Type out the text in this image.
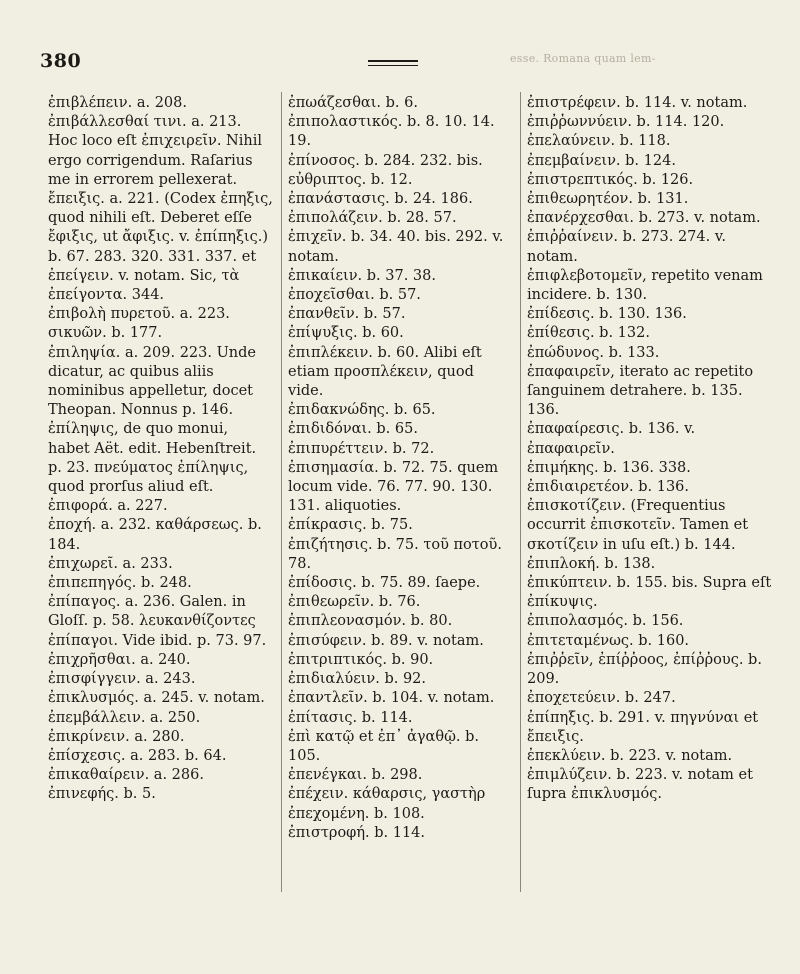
380	esse. Romana quam lem-

ἐπιβλέπειν. a. 208.

ἐπιβάλλεσθαί τινι. a. 213. Hoc loco eſt ἐπιχειρεῖν. Nihil ergo corrigendum. Raſarius me in errorem pellexerat.

ἔπειξις. a. 221. (Codex ἐπηξις, quod nihili eſt. Deberet eſſe ἔφιξις, ut ἄφιξις. v. ἐπίπηξις.) b. 67. 283. 320. 331. 337. et ἐπείγειν. v. notam. Sic, τὰ ἐπείγοντα. 344.

ἐπιβολὴ πυρετοῦ. a. 223. σικυῶν. b. 177.

ἐπιληψία. a. 209. 223. Unde dicatur, ac quibus aliis nominibus appelletur, docet Theopan. Nonnus p. 146. ἐπίληψις, de quo monui, habet Aët. edit. Hebenſtreit. p. 23. πνεύματος ἐπίληψις, quod prorſus aliud eſt.

ἐπιφορά. a. 227.

ἐποχή. a. 232. καθάρσεως. b. 184.

ἐπιχωρεῖ. a. 233.

ἐπιπεπηγός. b. 248.

ἐπίπαγος. a. 236. Galen. in Gloſſ. p. 58. λευκανθίζοντες ἐπίπαγοι. Vide ibid. p. 73. 97.

ἐπιχρῆσθαι. a. 240.

ἐπισφίγγειν. a. 243.

ἐπικλυσμός. a. 245. v. notam.

ἐπεμβάλλειν. a. 250.

ἐπικρίνειν. a. 280.

ἐπίσχεσις. a. 283. b. 64.

ἐπικαθαίρειν. a. 286.

ἐπινεφής. b. 5.

ἐπωάζεσθαι. b. 6.

ἐπιπολαστικός. b. 8. 10. 14. 19.

ἐπίνοσος. b. 284. 232. bis.

εὐθριπτος. b. 12.

ἐπανάστασις. b. 24. 186.

ἐπιπολάζειν. b. 28. 57.

ἐπιχεῖν. b. 34. 40. bis. 292. v. notam.

ἐπικαίειν. b. 37. 38.

ἐποχεῖσθαι. b. 57.

ἐπανθεῖν. b. 57.

ἐπίψυξις. b. 60.

ἐπιπλέκειν. b. 60. Alibi eſt etiam προσπλέκειν, quod vide.

ἐπιδακνώδης. b. 65.

ἐπιδιδόναι. b. 65.

ἐπιπυρέττειν. b. 72.

ἐπισημασία. b. 72. 75. quem locum vide. 76. 77. 90. 130. 131. aliquoties.

ἐπίκρασις. b. 75.

ἐπιζήτησις. b. 75. τοῦ ποτοῦ. 78.

ἐπίδοσις. b. 75. 89. ſaepe.

ἐπιθεωρεῖν. b. 76.

ἐπιπλεονασμόν. b. 80.

ἐπισύφειν. b. 89. v. notam.

ἐπιτριπτικός. b. 90.

ἐπιδιαλύειν. b. 92.

ἐπαντλεῖν. b. 104. v. notam.

ἐπίτασις. b. 114.

ἐπὶ κατῷ et ἐπ᾽ ἀγαθῷ. b. 105.

ἐπενέγκαι. b. 298.

ἐπέχειν. κάθαρσις, γαστὴρ ἐπεχομένη. b. 108.

ἐπιστροφή. b. 114.

ἐπιστρέφειν. b. 114. v. notam.

ἐπιῤῥωννύειν. b. 114. 120.

ἐπελαύνειν. b. 118.

ἐπεμβαίνειν. b. 124.

ἐπιστρεπτικός. b. 126.

ἐπιθεωρητέον. b. 131.

ἐπανέρχεσθαι. b. 273. v. notam.

ἐπιῤῥαίνειν. b. 273. 274. v. notam.

ἐπιφλεβοτομεῖν, repetito venam incidere. b. 130.

ἐπίδεσις. b. 130. 136.

ἐπίθεσις. b. 132.

ἐπώδυνος. b. 133.

ἐπαφαιρεῖν, iterato ac repetito ſanguinem detrahere. b. 135. 136.

ἐπαφαίρεσις. b. 136. v. ἐπαφαιρεῖν.

ἐπιμήκης. b. 136. 338.

ἐπιδιαιρετέον. b. 136.

ἐπισκοτίζειν. (Frequentius occurrit ἐπισκοτεῖν. Tamen et σκοτίζειν in uſu eſt.) b. 144.

ἐπιπλοκή. b. 138.

ἐπικύπτειν. b. 155. bis. Supra eſt ἐπίκυψις.

ἐπιπολασμός. b. 156.

ἐπιτεταμένως. b. 160.

ἐπιῤῥεῖν, ἐπίῤῥοος, ἐπίῤῥους. b. 209.

ἐποχετεύειν. b. 247.

ἐπίπηξις. b. 291. v. πηγνύναι et ἔπειξις.

ἐπεκλύειν. b. 223. v. notam.

ἐπιμλύζειν. b. 223. v. notam et ſupra ἐπικλυσμός.
